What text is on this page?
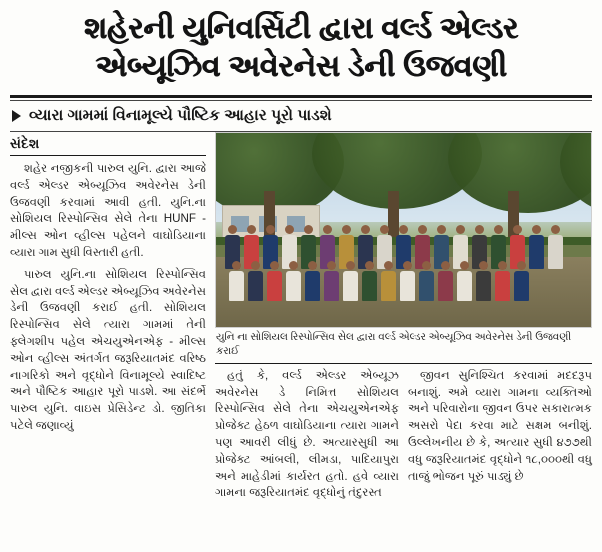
શહેરની યુનિવર્સિટી દ્વારા વર્લ્ડ એલ્ડર
એબ્યૂઝિવ અવેરનેસ ડેની ઉજવણી
વ્યારા ગામમાં વિનામૂલ્યે પૌષ્ટિક આહાર પૂરો પાડશે
સંદેશ

શહેર નજીકની પારુલ યુનિ. દ્વારા આજે વર્લ્ડ એલ્ડર એબ્યૂઝિવ અવેરનેસ ડેની ઉજવણી કરવામાં આવી હતી. યુનિ.ના સોશિયલ રિસ્પોન્સિવ સેલે તેના HUNF - મીલ્સ ઓન વ્હીલ્સ પહેલને વાઘોડિયાના વ્યારા ગામ સુધી વિસ્તારી હતી.

પારુલ યુનિ.ના સોશિયલ રિસ્પોન્સિવ સેલ દ્વારા વર્લ્ડ એલ્ડર એબ્યૂઝિવ અવેરનેસ ડેની ઉજવણી કરાઈ હતી. સોશિયલ રિસ્પોન્સિવ સેલે ત્યારા ગામમાં તેની ફ્લેગશીપ પહેલ એચયુએનએફ - મીલ્સ ઓન વ્હીલ્સ અંતર્ગત જરૂરિયાતમંદ વરિષ્ઠ નાગરિકો અને વૃદ્ધોને વિનામૂલ્યે સ્વાદિષ્ટ અને પૌષ્ટિક આહાર પૂરો પાડશે. આ સંદર્ભે પારુલ યુનિ. વાઇસ પ્રેસિડેન્ટ ડો. જીતિકા પટેલે જણાવ્યું

યુનિ ના સોશિયલ રિસ્પોન્સિવ સેલ દ્વારા વર્લ્ડ એલ્ડર એબ્યૂઝિવ અવેરનેસ ડેની ઉજવણી કરાઈ

હતું કે, વર્લ્ડ એલ્ડર એબ્યૂઝ અવેરનેસ ડે નિમિત્ત સોશિયલ રિસ્પોન્સિવ સેલે તેના એચયુએનએફ પ્રોજેક્ટ હેઠળ વાઘોડિયાના ત્યારા ગામને પણ આવરી લીધું છે. અત્યારસુધી આ પ્રોજેક્ટ આંબલી, લીમડા, પાદિયાપુરા અને માહેડીમાં કાર્યરત હતો. હવે વ્યારા ગામના જરૂરિયાતમંદ વૃદ્ધોનું તંદુરસ્ત

જીવન સુનિશ્ચિત કરવામાં મદદરૂપ બનાશું. અમે વ્યારા ગામના વ્યક્તિઓ અને પરિવારોના જીવન ઉપર સકારાત્મક અસરો પેદા કરવા માટે સક્ષમ બનીશું. ઉલ્લેખનીય છે કે, અત્યાર સુધી ૪૭૭થી વધુ જરૂરિયાતમંદ વૃદ્ધોને ૧૮,૦૦૦થી વધુ તાજું ભોજન પૂરું પાડ્યું છે
